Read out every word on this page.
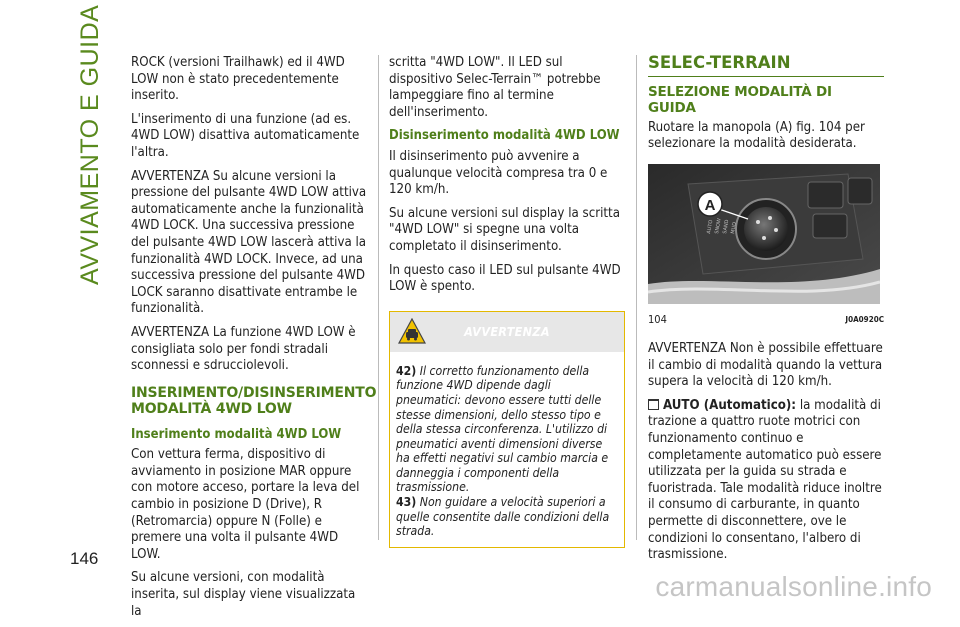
AVVIAMENTO E GUIDA
146

ROCK (versioni Trailhawk) ed il 4WD LOW non è stato precedentemente inserito.

L'inserimento di una funzione (ad es. 4WD LOW) disattiva automaticamente l'altra.

AVVERTENZA Su alcune versioni la pressione del pulsante 4WD LOW attiva automaticamente anche la funzionalità 4WD LOCK. Una successiva pressione del pulsante 4WD LOW lascerà attiva la funzionalità 4WD LOCK. Invece, ad una successiva pressione del pulsante 4WD LOCK saranno disattivate entrambe le funzionalità.

AVVERTENZA La funzione 4WD LOW è consigliata solo per fondi stradali sconnessi e sdrucciolevoli.

INSERIMENTO/DISINSERIMENTO MODALITÀ 4WD LOW
Inserimento modalità 4WD LOW

Con vettura ferma, dispositivo di avviamento in posizione MAR oppure con motore acceso, portare la leva del cambio in posizione D (Drive), R (Retromarcia) oppure N (Folle) e premere una volta il pulsante 4WD LOW.

Su alcune versioni, con modalità inserita, sul display viene visualizzata la

scritta "4WD LOW". Il LED sul dispositivo Selec-Terrain™ potrebbe lampeggiare fino al termine dell'inserimento.

Disinserimento modalità 4WD LOW

Il disinserimento può avvenire a qualunque velocità compresa tra 0 e 120 km/h.

Su alcune versioni sul display la scritta "4WD LOW" si spegne una volta completato il disinserimento.

In questo caso il LED sul pulsante 4WD LOW è spento.

AVVERTENZA

42) Il corretto funzionamento della funzione 4WD dipende dagli pneumatici: devono essere tutti delle stesse dimensioni, dello stesso tipo e della stessa circonferenza. L'utilizzo di pneumatici aventi dimensioni diverse ha effetti negativi sul cambio marcia e danneggia i componenti della trasmissione.

43) Non guidare a velocità superiori a quelle consentite dalle condizioni della strada.

SELEC-TERRAIN
SELEZIONE MODALITÀ DI GUIDA

Ruotare la manopola (A) fig. 104 per selezionare la modalità desiderata.

AUTO SNOW SAND MUD
A
104	J0A0920C

AVVERTENZA Non è possibile effettuare il cambio di modalità quando la vettura supera la velocità di 120 km/h.

AUTO (Automatico): la modalità di trazione a quattro ruote motrici con funzionamento continuo e completamente automatico può essere utilizzata per la guida su strada e fuoristrada. Tale modalità riduce inoltre il consumo di carburante, in quanto permette di disconnettere, ove le condizioni lo consentano, l'albero di trasmissione.

carmanualsonline.info
